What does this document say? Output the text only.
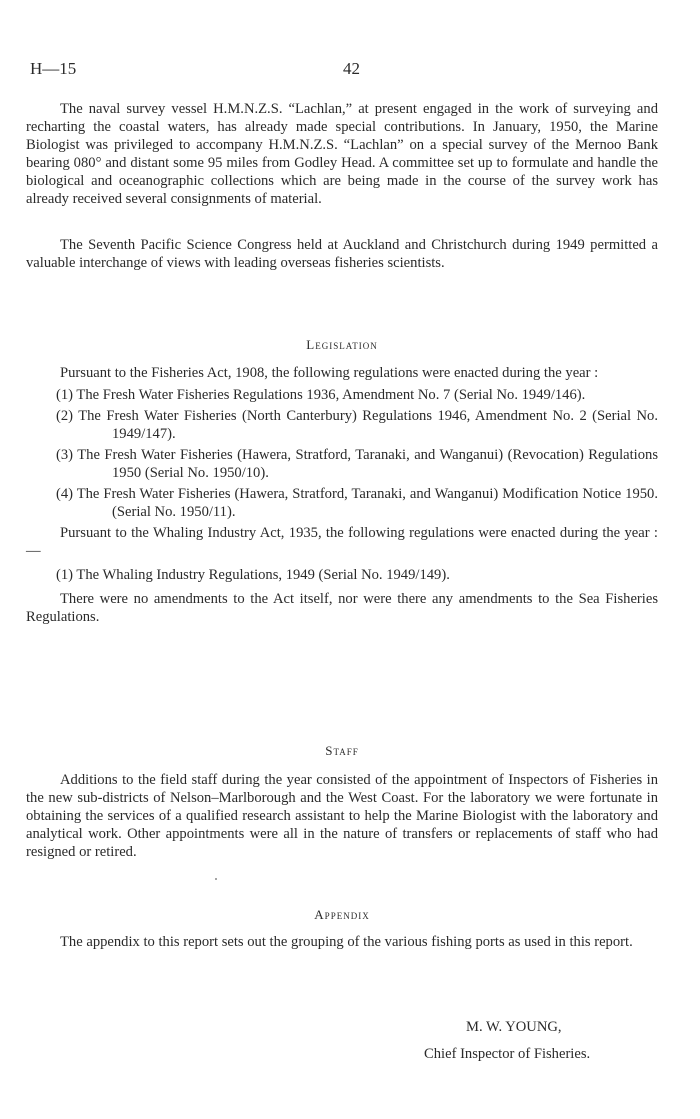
H—15	42

The naval survey vessel H.M.N.Z.S. “Lachlan,” at present engaged in the work of surveying and recharting the coastal waters, has already made special contributions. In January, 1950, the Marine Biologist was privileged to accompany H.M.N.Z.S. “Lachlan” on a special survey of the Mernoo Bank bearing 080° and distant some 95 miles from Godley Head. A committee set up to formulate and handle the biological and oceanographic collections which are being made in the course of the survey work has already received several consignments of material.

The Seventh Pacific Science Congress held at Auckland and Christchurch during 1949 permitted a valuable interchange of views with leading overseas fisheries scientists.

Legislation

Pursuant to the Fisheries Act, 1908, the following regulations were enacted during the year :

(1) The Fresh Water Fisheries Regulations 1936, Amendment No. 7 (Serial No. 1949/146).

(2) The Fresh Water Fisheries (North Canterbury) Regulations 1946, Amendment No. 2 (Serial No. 1949/147).

(3) The Fresh Water Fisheries (Hawera, Stratford, Taranaki, and Wanganui) (Revocation) Regulations 1950 (Serial No. 1950/10).

(4) The Fresh Water Fisheries (Hawera, Stratford, Taranaki, and Wanganui) Modification Notice 1950. (Serial No. 1950/11).

Pursuant to the Whaling Industry Act, 1935, the following regulations were enacted during the year :—

(1) The Whaling Industry Regulations, 1949 (Serial No. 1949/149).

There were no amendments to the Act itself, nor were there any amendments to the Sea Fisheries Regulations.

Staff

Additions to the field staff during the year consisted of the appointment of Inspectors of Fisheries in the new sub-districts of Nelson–Marlborough and the West Coast. For the laboratory we were fortunate in obtaining the services of a qualified research assistant to help the Marine Biologist with the laboratory and analytical work. Other appointments were all in the nature of transfers or replacements of staff who had resigned or retired.

Appendix

The appendix to this report sets out the grouping of the various fishing ports as used in this report.

M. W. YOUNG,
Chief Inspector of Fisheries.
